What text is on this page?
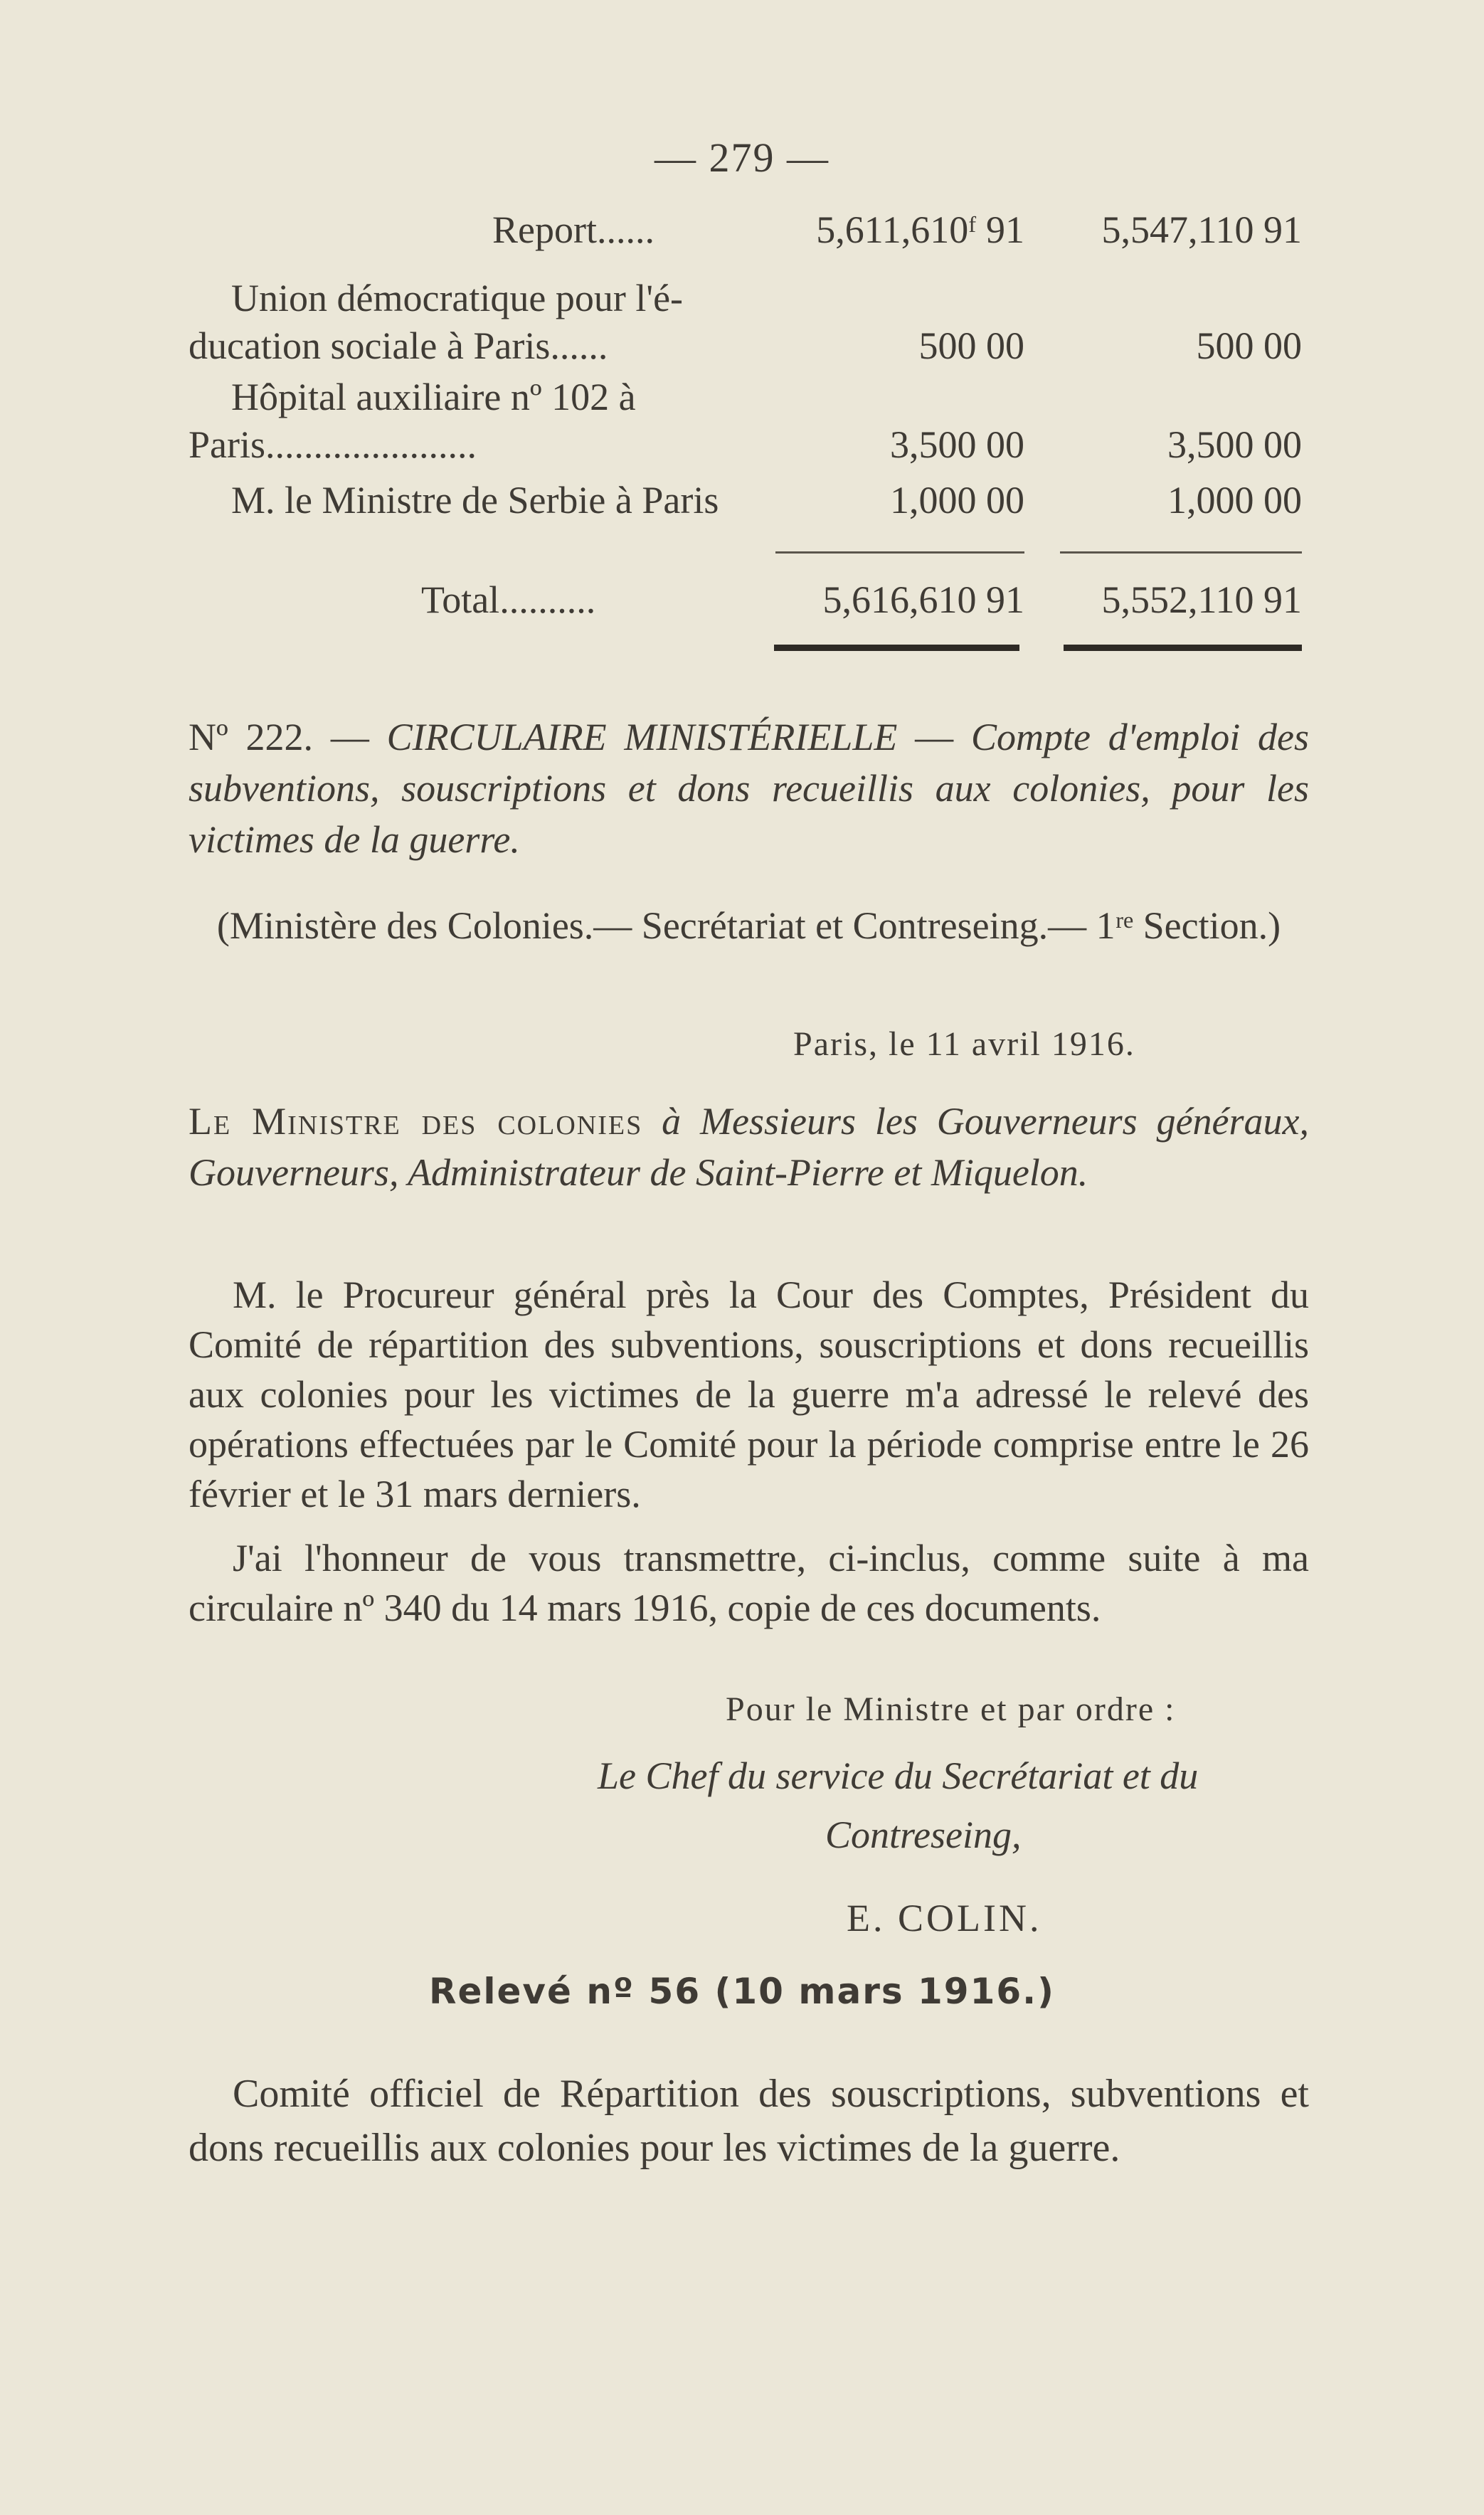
— 279 —
Report......	5,611,610ᶠ 91	5,547,110 91
Union démocratique pour l'é-
ducation sociale à Paris......	500 00	500 00
Hôpital auxiliaire nº 102 à
Paris......................	3,500 00	3,500 00
M. le Ministre de Serbie à Paris	1,000 00	1,000 00
Total..........	5,616,610 91	5,552,110 91
Nº 222. — CIRCULAIRE MINISTÉRIELLE — Compte d'emploi des subventions, souscriptions et dons recueillis aux colonies, pour les victimes de la guerre.
(Ministère des Colonies.— Secrétariat et Contreseing.— 1ʳᵉ Section.)
Paris, le 11 avril 1916.
Le Ministre des colonies à Messieurs les Gouverneurs généraux, Gouverneurs, Administrateur de Saint-Pierre et Miquelon.
M. le Procureur général près la Cour des Comptes, Président du Comité de répartition des subventions, souscriptions et dons recueillis aux colonies pour les victimes de la guerre m'a adressé le relevé des opérations effectuées par le Comité pour la période comprise entre le 26 février et le 31 mars derniers.
J'ai l'honneur de vous transmettre, ci-inclus, comme suite à ma circulaire nº 340 du 14 mars 1916, copie de ces documents.
Pour le Ministre et par ordre :
Le Chef du service du Secrétariat et du
Contreseing,
E. COLIN.
Relevé nº 56 (10 mars 1916.)
Comité officiel de Répartition des souscriptions, subventions et dons recueillis aux colonies pour les victimes de la guerre.
